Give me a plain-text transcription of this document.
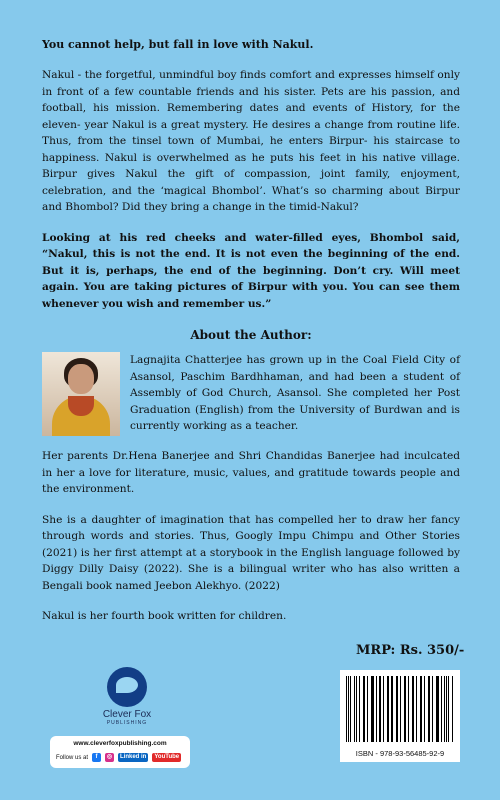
You cannot help, but fall in love with Nakul.

Nakul - the forgetful, unmindful boy finds comfort and expresses himself only in front of a few countable friends and his sister. Pets are his passion, and football, his mission. Remembering dates and events of History, for the eleven- year Nakul is a great mystery. He desires a change from routine life. Thus, from the tinsel town of Mumbai, he enters Birpur- his staircase to happiness. Nakul is overwhelmed as he puts his feet in his native village. Birpur gives Nakul the gift of compassion, joint family, enjoyment, celebration, and the ‘magical Bhombol’. What’s so charming about Birpur and Bhombol? Did they bring a change in the timid-Nakul?

Looking at his red cheeks and water-filled eyes, Bhombol said, “Nakul, this is not the end. It is not even the beginning of the end. But it is, perhaps, the end of the beginning. Don’t cry. Will meet again. You are taking pictures of Birpur with you. You can see them whenever you wish and remember us.”

About the Author:
Lagnajita Chatterjee has grown up in the Coal Field City of Asansol, Paschim Bardhhaman, and had been a student of Assembly of God Church, Asansol. She completed her Post Graduation (English) from the University of Burdwan and is currently working as a teacher.

Her parents Dr.Hena Banerjee and Shri Chandidas Banerjee had inculcated in her a love for literature, music, values, and gratitude towards people and the environment.

She is a daughter of imagination that has compelled her to draw her fancy through words and stories. Thus, Googly Impu Chimpu and Other Stories (2021) is her first attempt at a storybook in the English language followed by Diggy Dilly Daisy (2022). She is a bilingual writer who has also written a Bengali book named Jeebon Alekhyo. (2022)

Nakul is her fourth book written for children.

Clever Fox
PUBLISHING
www.cleverfoxpublishing.com
Follow us at	f	◎	Linked in	YouTube
MRP: Rs. 350/-
ISBN - 978-93-56485-92-9
